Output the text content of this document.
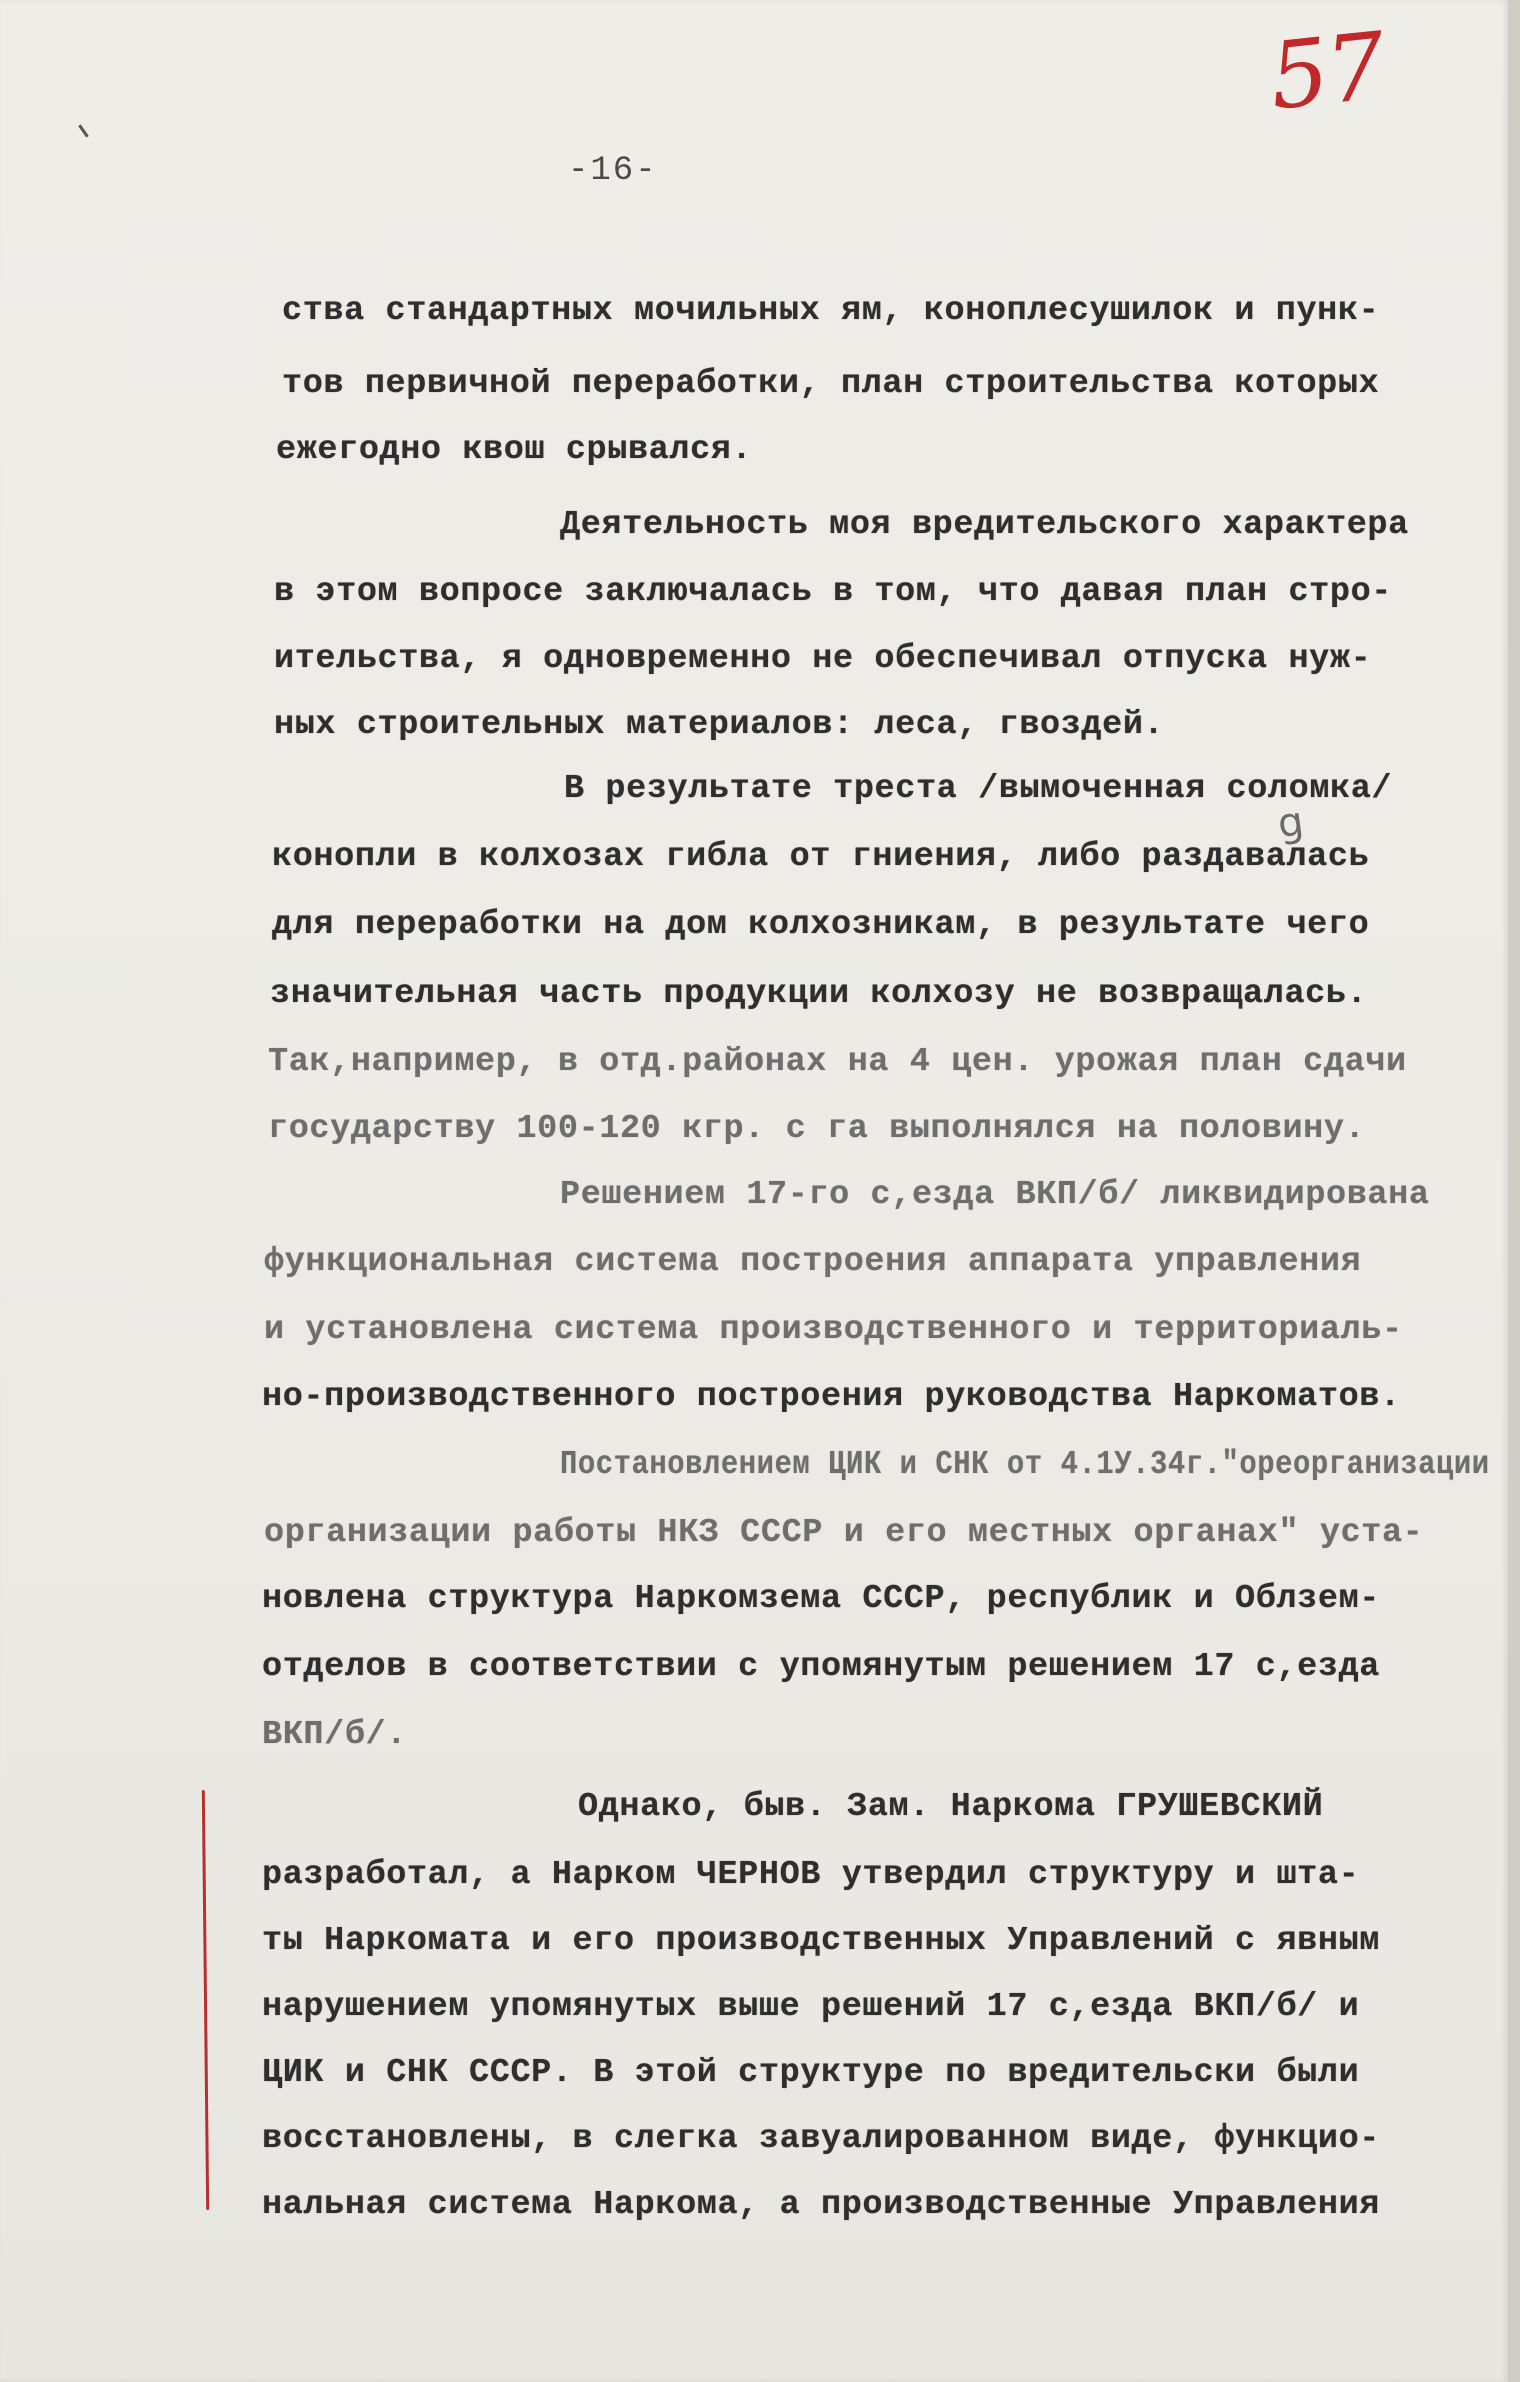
57
-16-
g
ства стандартных мочильных ям, коноплесушилок и пунк-
тов первичной переработки, план строительства которых
ежегодно квош срывался.
Деятельность моя вредительского характера
в этом вопросе заключалась в том, что давая план стро-
ительства, я одновременно не обеспечивал отпуска нуж-
ных строительных материалов: леса, гвоздей.
В результате треста /вымоченная соломка/
конопли в колхозах гибла от гниения, либо раздавалась
для переработки на дом колхозникам, в результате чего
значительная часть продукции колхозу не возвращалась.
Так,например, в отд.районах на 4 цен. урожая план сдачи
государству 100-120 кгр. с га выполнялся на половину.
Решением 17-го с,езда ВКП/б/ ликвидирована
функциональная система построения аппарата управления
и установлена система производственного и территориаль-
но-производственного построения руководства Наркоматов.
Постановлением ЦИК и СНК от 4.1У.34г."ореорганизации
организации работы НКЗ СССР и его местных органах" уста-
новлена структура Наркомзема СССР, республик и Облзем-
отделов в соответствии с упомянутым решением 17 с,езда
ВКП/б/.
Однако, быв. Зам. Наркома ГРУШЕВСКИЙ
разработал, а Нарком ЧЕРНОВ утвердил структуру и шта-
ты Наркомата и его производственных Управлений с явным
нарушением упомянутых выше решений 17 с,езда ВКП/б/ и
ЦИК и СНК СССР. В этой структуре по вредительски были
восстановлены, в слегка завуалированном виде, функцио-
нальная система Наркома, а производственные Управления
